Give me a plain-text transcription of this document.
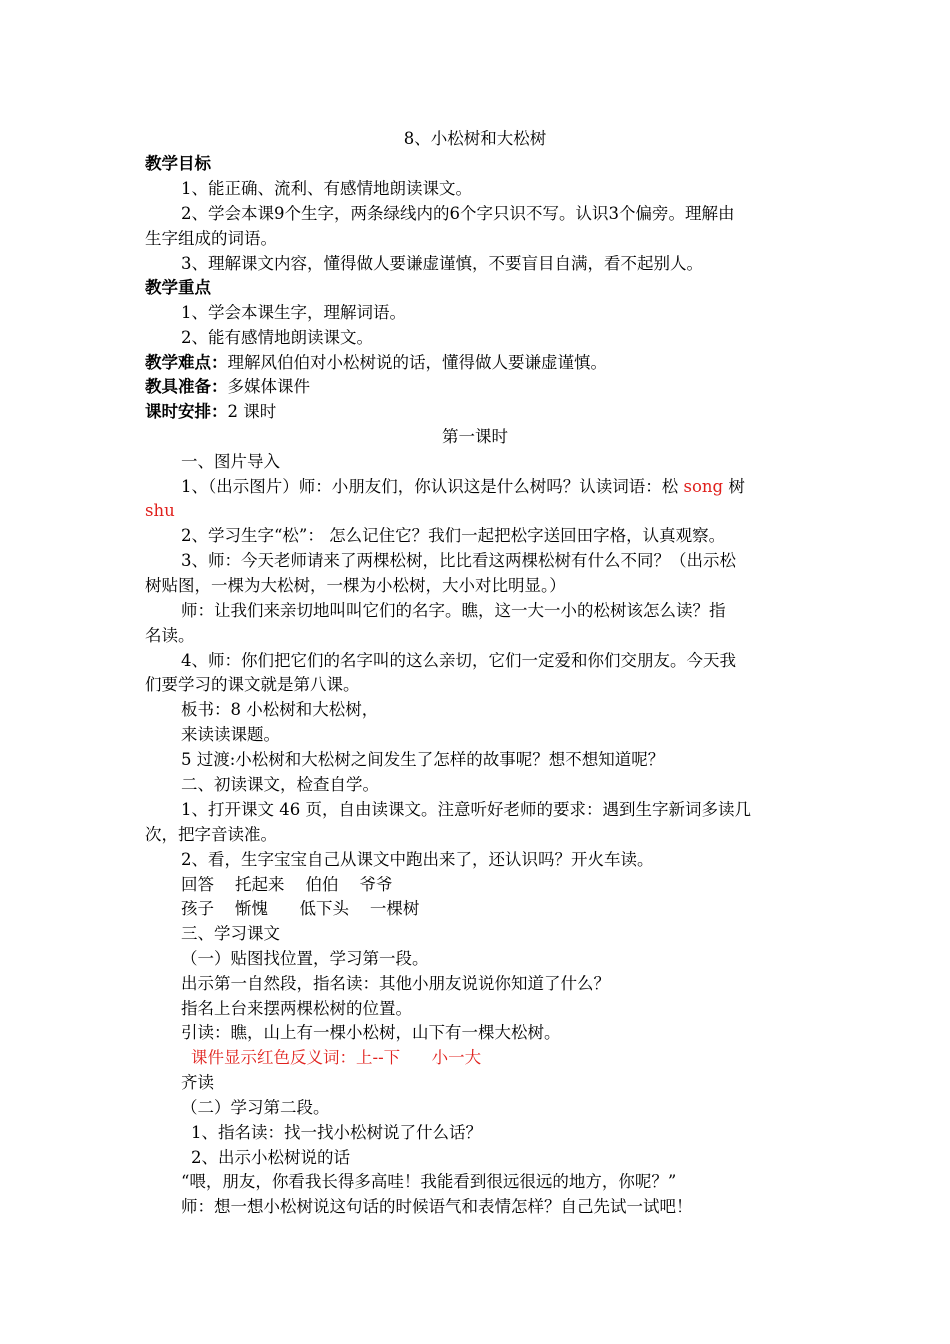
8、小松树和大松树
教学目标
1、能正确、流利、有感情地朗读课文。
2、学会本课9个生字，两条绿线内的6个字只识不写。认识3个偏旁。理解由
生字组成的词语。
3、理解课文内容，懂得做人要谦虚谨慎，不要盲目自满，看不起别人。
教学重点
1、学会本课生字，理解词语。
2、能有感情地朗读课文。
教学难点：理解风伯伯对小松树说的话，懂得做人要谦虚谨慎。
教具准备：多媒体课件
课时安排：2 课时
第一课时
一、图片导入
1、（出示图片）师：小朋友们，你认识这是什么树吗？认读词语：松 song 树
shu
2、学习生字“松”： 怎么记住它？我们一起把松字送回田字格，认真观察。
3、师：今天老师请来了两棵松树，比比看这两棵松树有什么不同？（出示松
树贴图，一棵为大松树，一棵为小松树，大小对比明显。）
师：让我们来亲切地叫叫它们的名字。瞧，这一大一小的松树该怎么读？指
名读。
4、师：你们把它们的名字叫的这么亲切，它们一定爱和你们交朋友。今天我
们要学习的课文就是第八课。
板书：8 小松树和大松树，
来读读课题。
5 过渡:小松树和大松树之间发生了怎样的故事呢？想不想知道呢？
二、初读课文，检查自学。
1、打开课文 46 页，自由读课文。注意听好老师的要求：遇到生字新词多读几
次，把字音读准。
2、看，生字宝宝自己从课文中跑出来了，还认识吗？开火车读。
回答    托起来    伯伯    爷爷
孩子    惭愧      低下头    一棵树
三、学习课文
（一）贴图找位置，学习第一段。
出示第一自然段，指名读：其他小朋友说说你知道了什么？
指名上台来摆两棵松树的位置。
引读：瞧，山上有一棵小松树，山下有一棵大松树。
课件显示红色反义词：上--下      小一大
齐读
（二）学习第二段。
1、指名读：找一找小松树说了什么话？
2、出示小松树说的话
“喂，朋友，你看我长得多高哇！我能看到很远很远的地方，你呢？”
师：想一想小松树说这句话的时候语气和表情怎样？自己先试一试吧！
